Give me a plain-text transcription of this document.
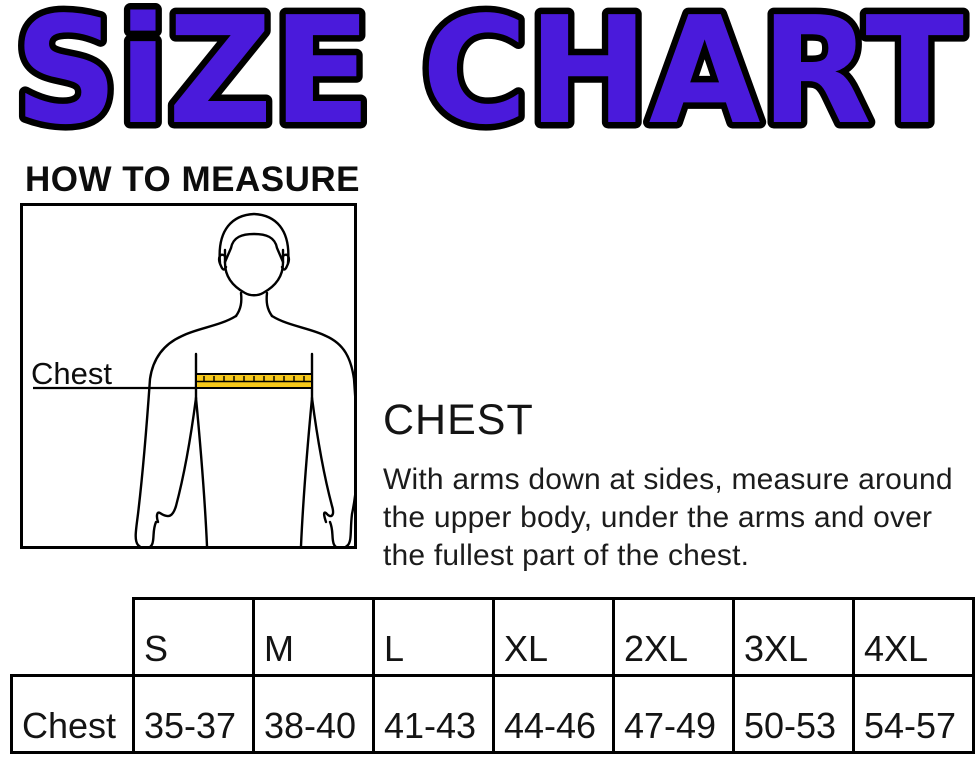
SiZE CHART
HOW TO MEASURE
Chest
CHEST

With arms down at sides, measure around the upper body, under the arms and over the fullest part of the chest.

	S	M	L	XL	2XL	3XL	4XL
Chest	35-37	38-40	41-43	44-46	47-49	50-53	54-57
